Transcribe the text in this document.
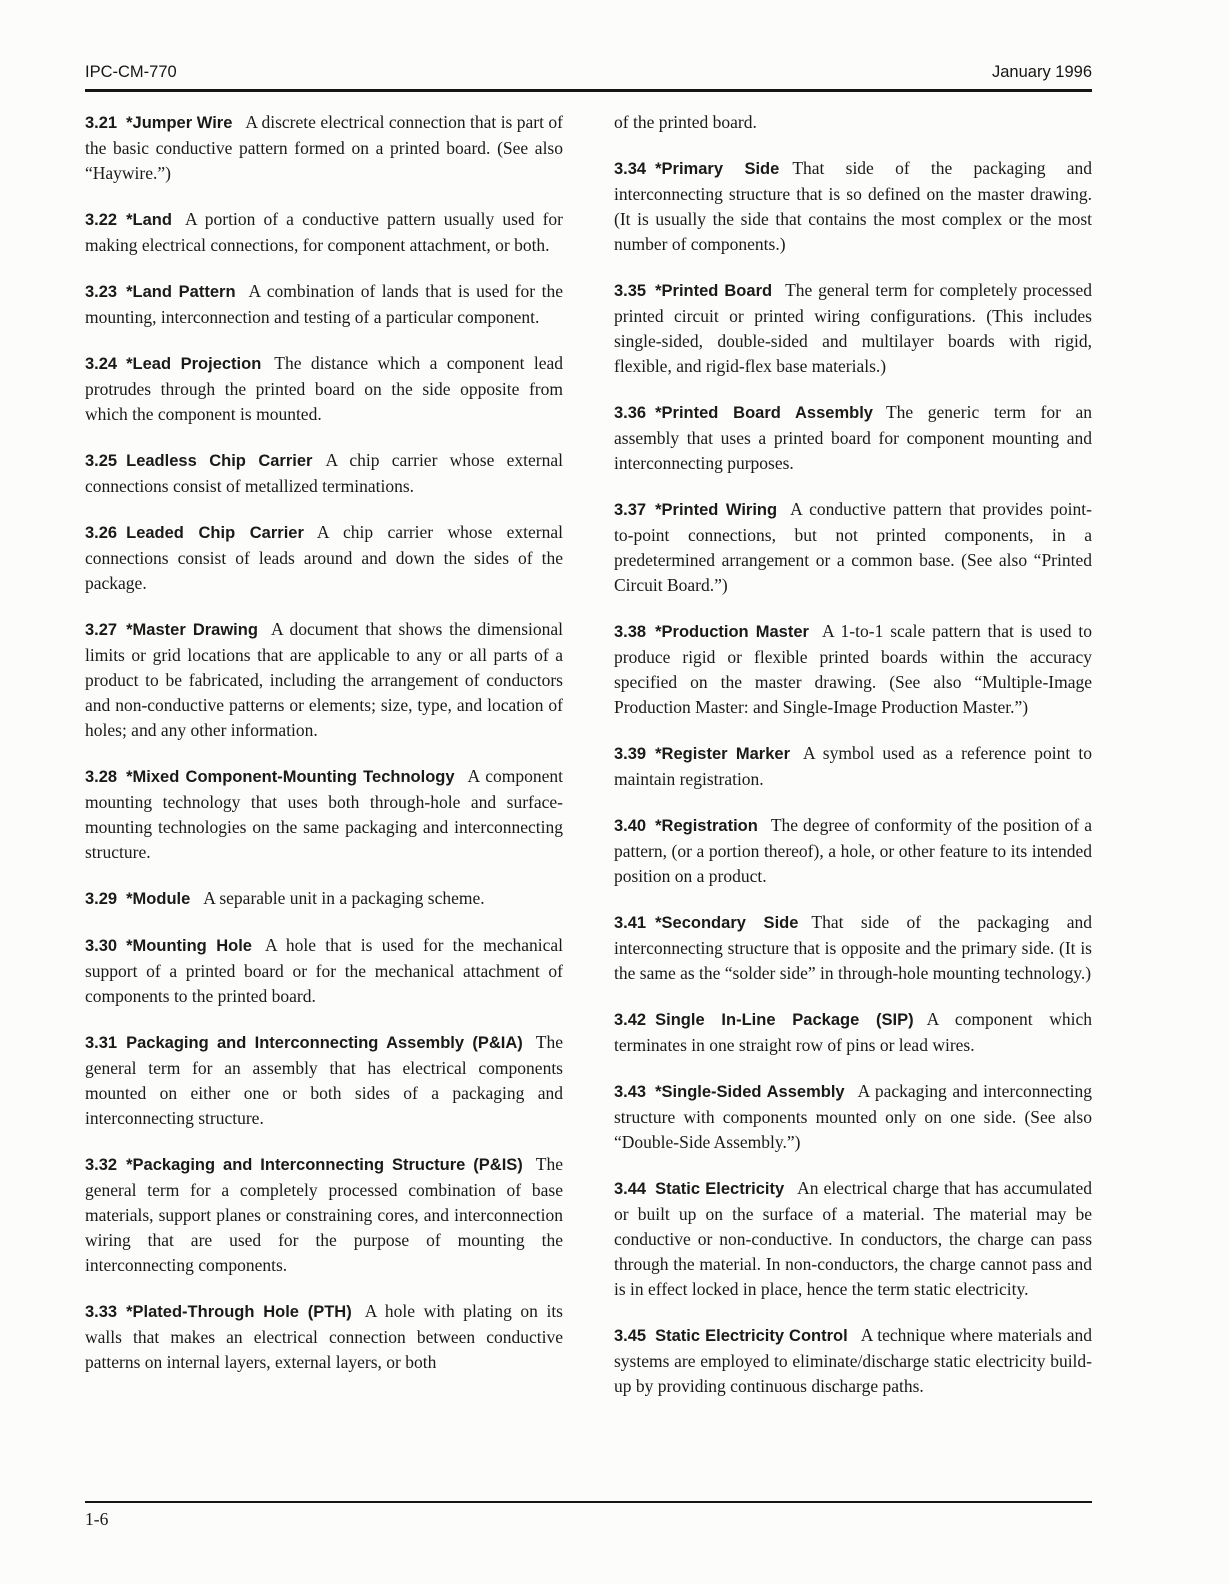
IPC-CM-770	January 1996

3.21 *Jumper Wire A discrete electrical connection that is part of the basic conductive pattern formed on a printed board. (See also “Haywire.”)

3.22 *Land A portion of a conductive pattern usually used for making electrical connections, for component attachment, or both.

3.23 *Land Pattern A combination of lands that is used for the mounting, interconnection and testing of a particular component.

3.24 *Lead Projection The distance which a component lead protrudes through the printed board on the side opposite from which the component is mounted.

3.25 Leadless Chip Carrier A chip carrier whose external connections consist of metallized terminations.

3.26 Leaded Chip Carrier A chip carrier whose external connections consist of leads around and down the sides of the package.

3.27 *Master Drawing A document that shows the dimensional limits or grid locations that are applicable to any or all parts of a product to be fabricated, including the arrangement of conductors and non-conductive patterns or elements; size, type, and location of holes; and any other information.

3.28 *Mixed Component-Mounting Technology A component mounting technology that uses both through-hole and surface-mounting technologies on the same packaging and interconnecting structure.

3.29 *Module A separable unit in a packaging scheme.

3.30 *Mounting Hole A hole that is used for the mechanical support of a printed board or for the mechanical attachment of components to the printed board.

3.31 Packaging and Interconnecting Assembly (P&IA) The general term for an assembly that has electrical components mounted on either one or both sides of a packaging and interconnecting structure.

3.32 *Packaging and Interconnecting Structure (P&IS) The general term for a completely processed combination of base materials, support planes or constraining cores, and interconnection wiring that are used for the purpose of mounting the interconnecting components.

3.33 *Plated-Through Hole (PTH) A hole with plating on its walls that makes an electrical connection between conductive patterns on internal layers, external layers, or both

of the printed board.

3.34 *Primary Side That side of the packaging and interconnecting structure that is so defined on the master drawing. (It is usually the side that contains the most complex or the most number of components.)

3.35 *Printed Board The general term for completely processed printed circuit or printed wiring configurations. (This includes single-sided, double-sided and multilayer boards with rigid, flexible, and rigid-flex base materials.)

3.36 *Printed Board Assembly The generic term for an assembly that uses a printed board for component mounting and interconnecting purposes.

3.37 *Printed Wiring A conductive pattern that provides point-to-point connections, but not printed components, in a predetermined arrangement or a common base. (See also “Printed Circuit Board.”)

3.38 *Production Master A 1-to-1 scale pattern that is used to produce rigid or flexible printed boards within the accuracy specified on the master drawing. (See also “Multiple-Image Production Master: and Single-Image Production Master.”)

3.39 *Register Marker A symbol used as a reference point to maintain registration.

3.40 *Registration The degree of conformity of the position of a pattern, (or a portion thereof), a hole, or other feature to its intended position on a product.

3.41 *Secondary Side That side of the packaging and interconnecting structure that is opposite and the primary side. (It is the same as the “solder side” in through-hole mounting technology.)

3.42 Single In-Line Package (SIP) A component which terminates in one straight row of pins or lead wires.

3.43 *Single-Sided Assembly A packaging and interconnecting structure with components mounted only on one side. (See also “Double-Side Assembly.”)

3.44 Static Electricity An electrical charge that has accumulated or built up on the surface of a material. The material may be conductive or non-conductive. In conductors, the charge can pass through the material. In non-conductors, the charge cannot pass and is in effect locked in place, hence the term static electricity.

3.45 Static Electricity Control A technique where materials and systems are employed to eliminate/discharge static electricity build-up by providing continuous discharge paths.

1-6
